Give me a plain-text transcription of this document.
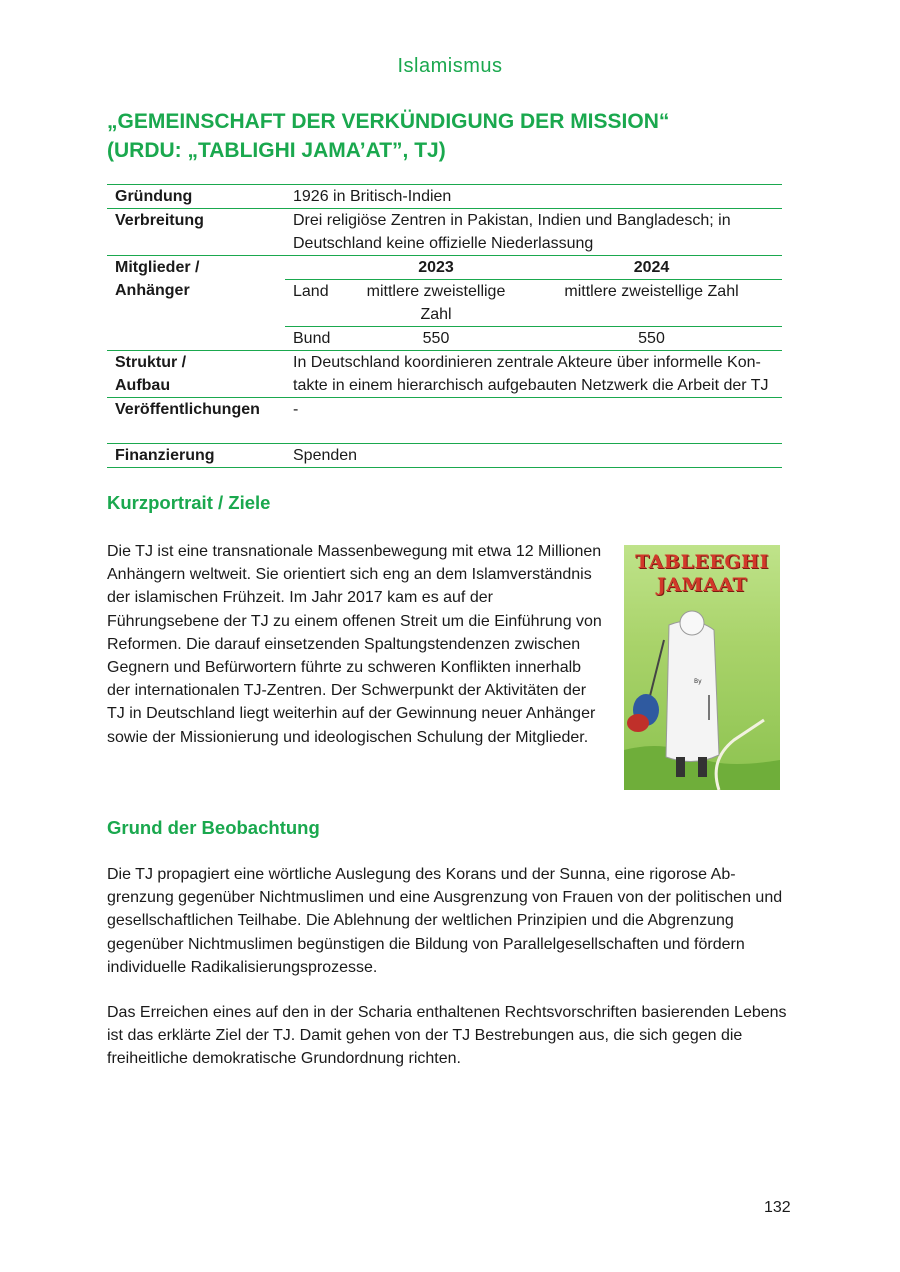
Islamismus
„GEMEINSCHAFT DER VERKÜNDIGUNG DER MISSION“
(URDU: „TABLIGHI JAMA’AT”, TJ)
Gründung	1926 in Britisch-Indien
Verbreitung	Drei religiöse Zentren in Pakistan, Indien und Bangladesch; in Deutschland keine offizielle Niederlassung

Mitglieder /
Anhänger

	2023	2024
Land	mittlere zweistellige Zahl	mittlere zweistellige Zahl
Bund	550	550

Struktur /
Aufbau
	In Deutschland koordinieren zentrale Akteure über informelle Kontakte in einem hierarchisch aufgebauten Netzwerk die Arbeit der TJ
Veröffentlichungen	-
Finanzierung	Spenden
Kurzportrait / Ziele

Die TJ ist eine transnationale Massenbewegung mit etwa 12 Millionen Anhängern weltweit. Sie orientiert sich eng an dem Islamverständnis der islamischen Frühzeit. Im Jahr 2017 kam es auf der Führungsebene der TJ zu einem offenen Streit um die Einführung von Reformen. Die darauf einsetzenden Spaltungstendenzen zwischen Gegnern und Befürwortern führte zu schweren Konflikten innerhalb der internationalen TJ-Zentren. Der Schwerpunkt der Aktivitäten der TJ in Deutschland liegt weiterhin auf der Gewinnung neuer Anhänger sowie der Missionierung und ideologischen Schulung der Mitglieder.

By
TABLEEGHI
JAMAAT
Grund der Beobachtung

Die TJ propagiert eine wörtliche Auslegung des Korans und der Sunna, eine rigorose Abgrenzung gegenüber Nichtmuslimen und eine Ausgrenzung von Frauen von der politischen und gesellschaftlichen Teilhabe. Die Ablehnung der weltlichen Prinzipien und die Abgrenzung gegenüber Nichtmuslimen begünstigen die Bildung von Parallelgesellschaften und fördern individuelle Radikalisierungsprozesse.

Das Erreichen eines auf den in der Scharia enthaltenen Rechtsvorschriften basierenden Lebens ist das erklärte Ziel der TJ. Damit gehen von der TJ Bestrebungen aus, die sich gegen die freiheitliche demokratische Grundordnung richten.

132
